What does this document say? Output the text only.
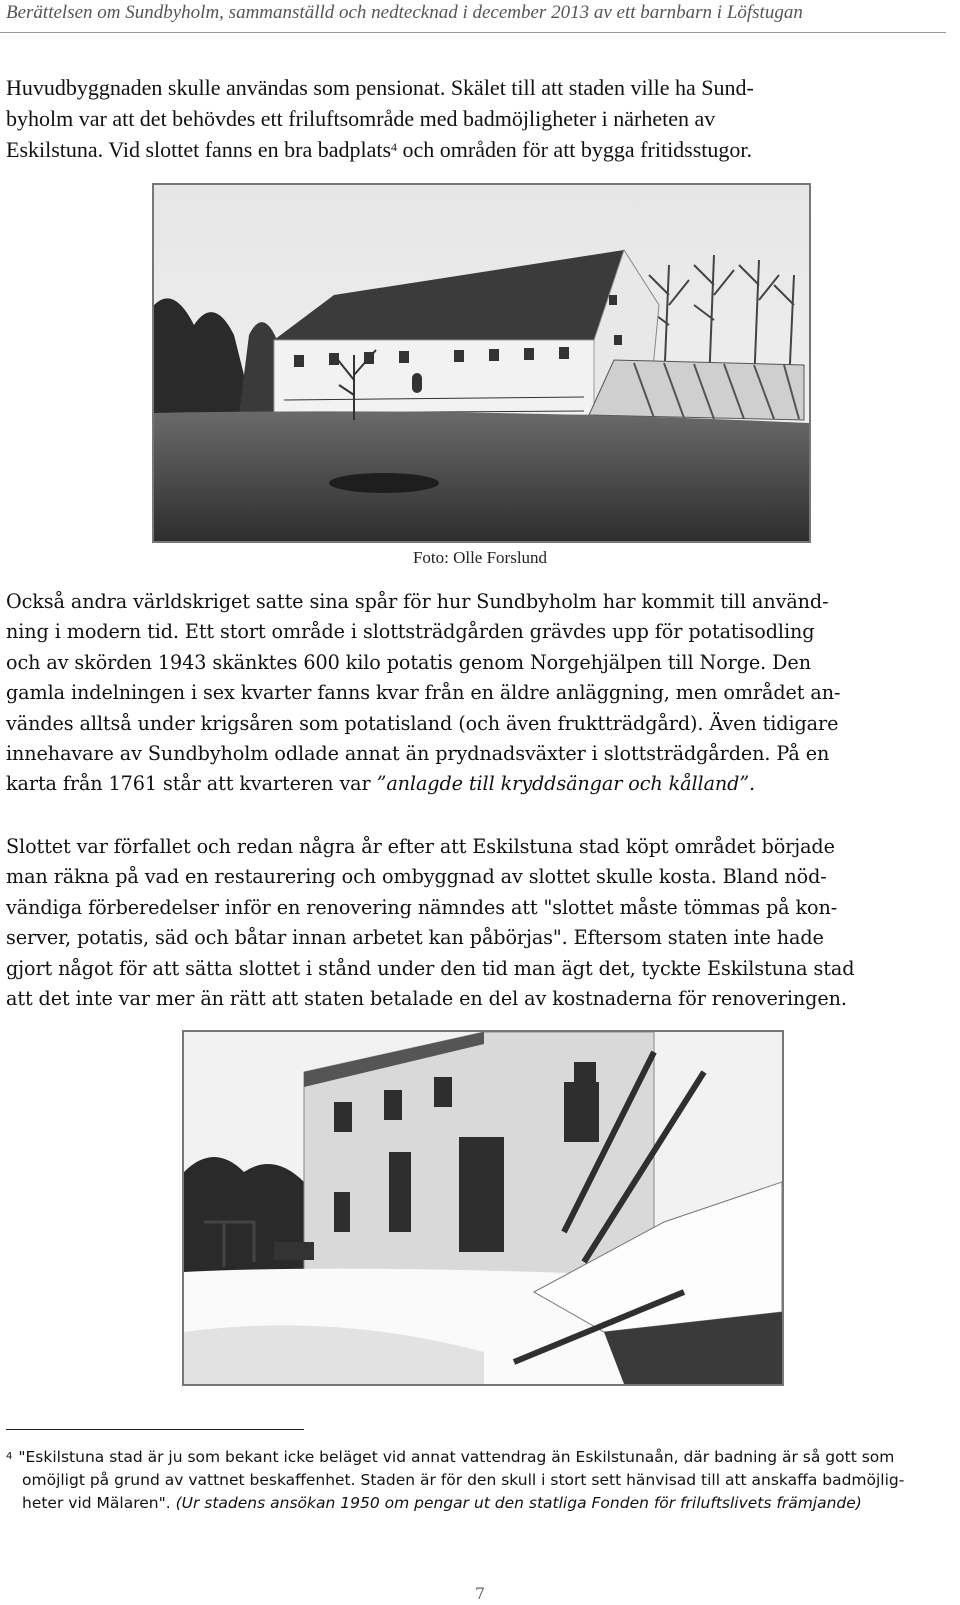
Berättelsen om Sundbyholm, sammanställd och nedtecknad i december 2013 av ett barnbarn i Löfstugan
Huvudbyggnaden skulle användas som pensionat. Skälet till att staden ville ha Sund-
byholm var att det behövdes ett friluftsområde med badmöjligheter i närheten av
Eskilstuna. Vid slottet fanns en bra badplats$^4$ och områden för att bygga fritidsstugor.
Foto: Olle Forslund
Också andra världskriget satte sina spår för hur Sundbyholm har kommit till använd-
ning i modern tid. Ett stort område i slottsträdgården grävdes upp för potatisodling
och av skörden 1943 skänktes 600 kilo potatis genom Norgehjälpen till Norge. Den
gamla indelningen i sex kvarter fanns kvar från en äldre anläggning, men området an-
vändes alltså under krigsåren som potatisland (och även fruktträdgård). Även tidigare
innehavare av Sundbyholm odlade annat än prydnadsväxter i slottsträdgården. På en
karta från 1761 står att kvarteren var ”anlagde till kryddsängar och kålland”.
Slottet var förfallet och redan några år efter att Eskilstuna stad köpt området började
man räkna på vad en restaurering och ombyggnad av slottet skulle kosta. Bland nöd-
vändiga förberedelser inför en renovering nämndes att "slottet måste tömmas på kon-
server, potatis, säd och båtar innan arbetet kan påbörjas". Eftersom staten inte hade
gjort något för att sätta slottet i stånd under den tid man ägt det, tyckte Eskilstuna stad
att det inte var mer än rätt att staten betalade en del av kostnaderna för renoveringen.
$^4$ "Eskilstuna stad är ju som bekant icke beläget vid annat vattendrag än Eskilstunaån, där badning är så gott som
omöjligt på grund av vattnet beskaffenhet. Staden är för den skull i stort sett hänvisad till att anskaffa badmöjlig-
heter vid Mälaren". (Ur stadens ansökan 1950 om pengar ut den statliga Fonden för friluftslivets främjande)
7
